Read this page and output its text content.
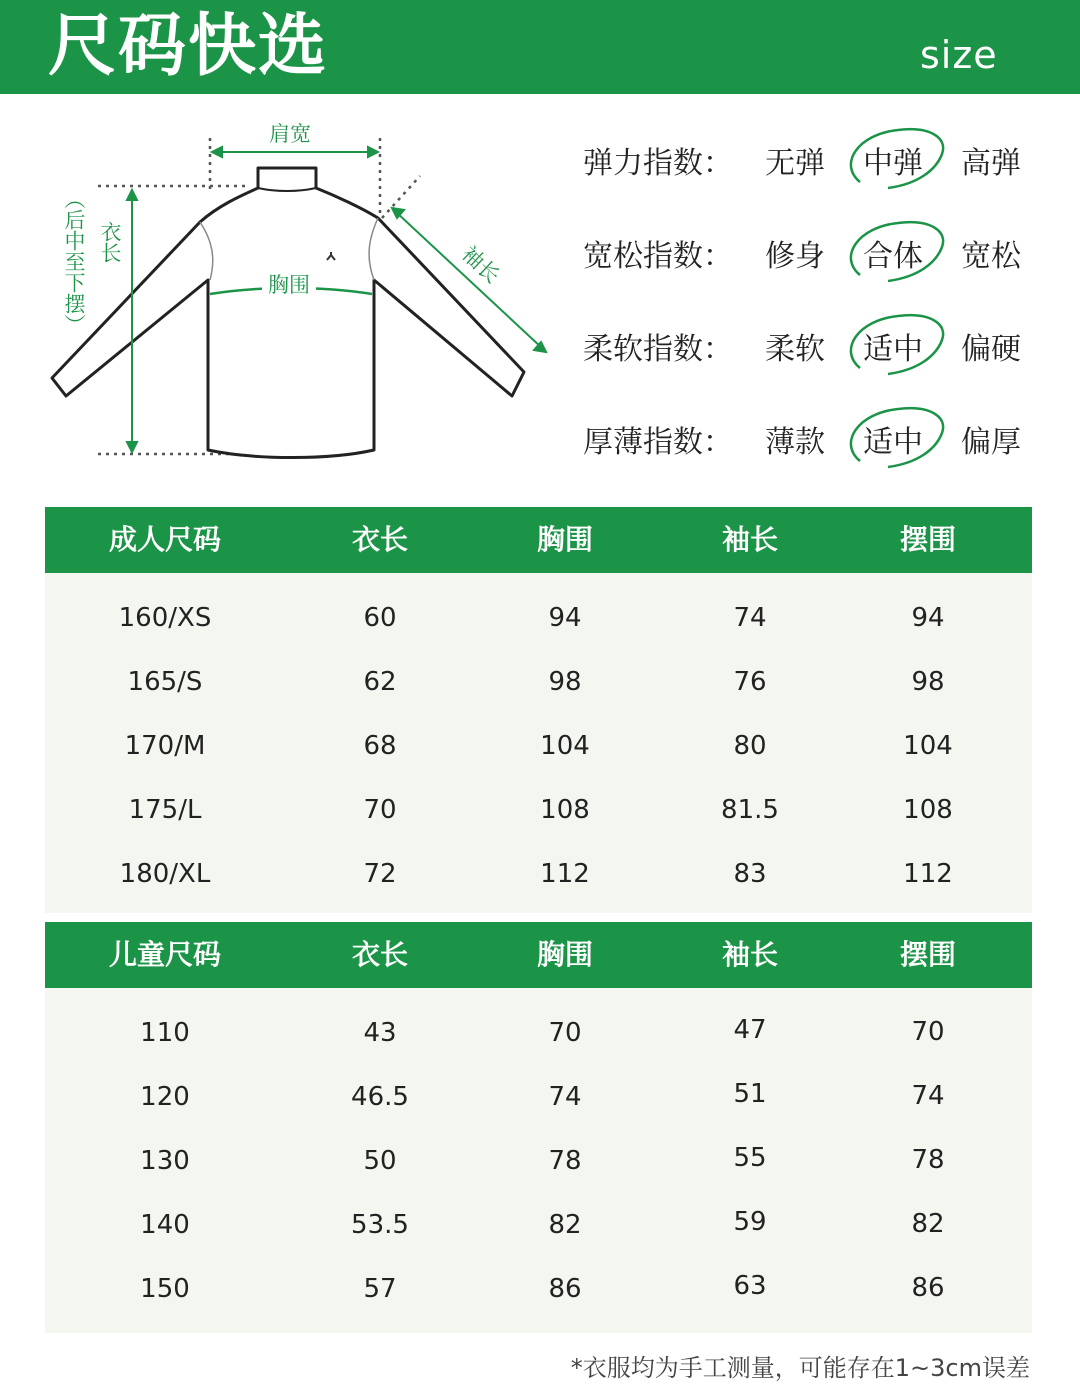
尺码快选	size
肩宽
胸围
衣长
（后中至下摆）	袖长
弹力指数： 无弹 中弹 高弹
宽松指数： 修身 合体 宽松
柔软指数： 柔软 适中 偏硬
厚薄指数： 薄款 适中 偏厚
成人尺码	衣长	胸围	袖长	摆围
160/XS	60	94	74	94
165/S	62	98	76	98
170/M	68	104	80	104
175/L	70	108	81.5	108
180/XL	72	112	83	112
儿童尺码	衣长	胸围	袖长	摆围
110	43	70	47	70
120	46.5	74	51	74
130	50	78	55	78
140	53.5	82	59	82
150	57	86	63	86
*衣服均为手工测量，可能存在1~3cm误差
